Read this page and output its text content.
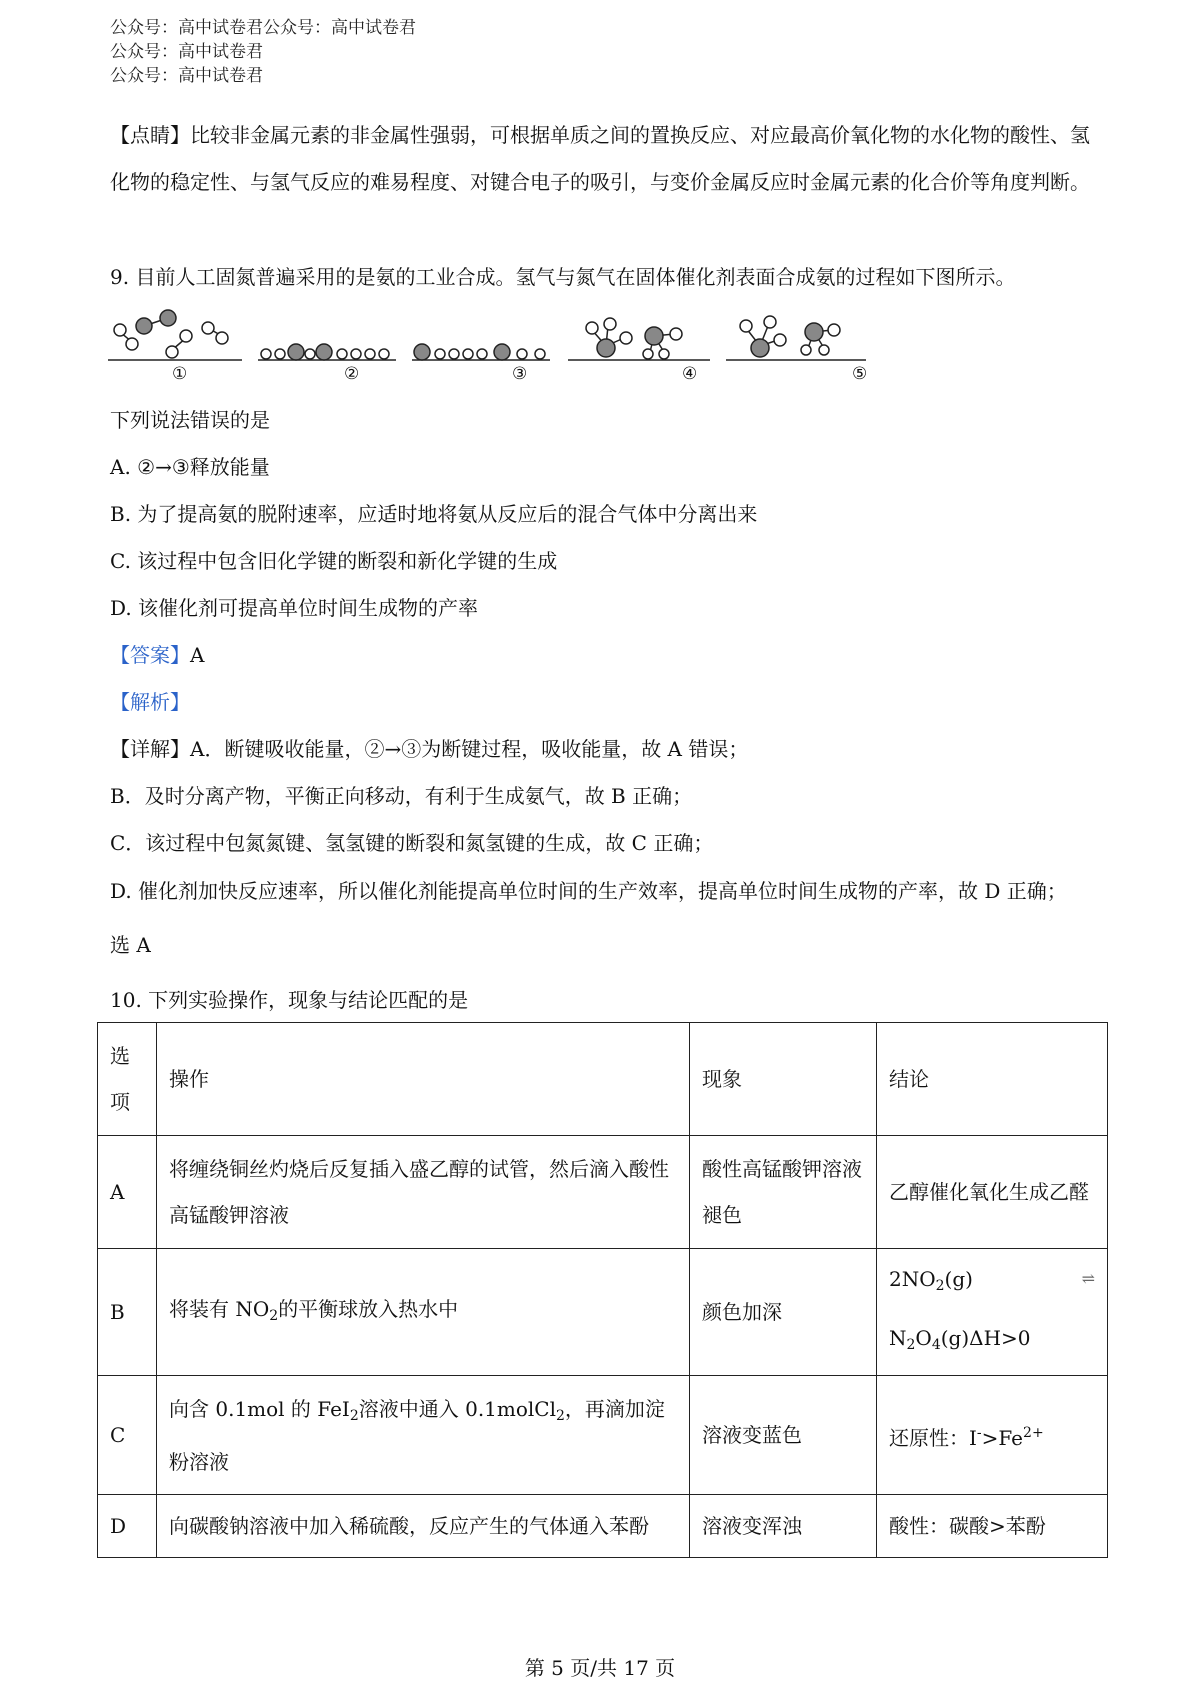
公众号：高中试卷君公众号：高中试卷君
公众号：高中试卷君
公众号：高中试卷君
【点睛】比较非金属元素的非金属性强弱，可根据单质之间的置换反应、对应最高价氧化物的水化物的酸性、氢化物的稳定性、与氢气反应的难易程度、对键合电子的吸引，与变价金属反应时金属元素的化合价等角度判断。
9. 目前人工固氮普遍采用的是氨的工业合成。氢气与氮气在固体催化剂表面合成氨的过程如下图所示。
①	②	③	④	⑤
下列说法错误的是
A. ②→③释放能量
B. 为了提高氨的脱附速率，应适时地将氨从反应后的混合气体中分离出来
C. 该过程中包含旧化学键的断裂和新化学键的生成
D. 该催化剂可提高单位时间生成物的产率
【答案】A
【解析】
【详解】A．断键吸收能量，②→③为断键过程，吸收能量，故 A 错误；
B．及时分离产物，平衡正向移动，有利于生成氨气，故 B 正确；
C．该过程中包氮氮键、氢氢键的断裂和氮氢键的生成，故 C 正确；
D. 催化剂加快反应速率，所以催化剂能提高单位时间的生产效率，提高单位时间生成物的产率，故 D 正确；
选 A
10. 下列实验操作，现象与结论匹配的是
选项	操作	现象	结论
A	将缠绕铜丝灼烧后反复插入盛乙醇的试管，然后滴入酸性高锰酸钾溶液	酸性高锰酸钾溶液褪色	乙醇催化氧化生成乙醛
B	将装有 $NO_2$的平衡球放入热水中	颜色加深	$2NO_2(g)$ ⇌
$N_2O_4(g)\Delta H>0$

C	向含 0.1mol 的 FeI$_2$溶液中通入 0.1molCl$_2$，再滴加淀粉溶液	溶液变蓝色	还原性：$I^->Fe^{2+}$
D	向碳酸钠溶液中加入稀硫酸，反应产生的气体通入苯酚	溶液变浑浊	酸性：碳酸>苯酚
第 5 页/共 17 页
